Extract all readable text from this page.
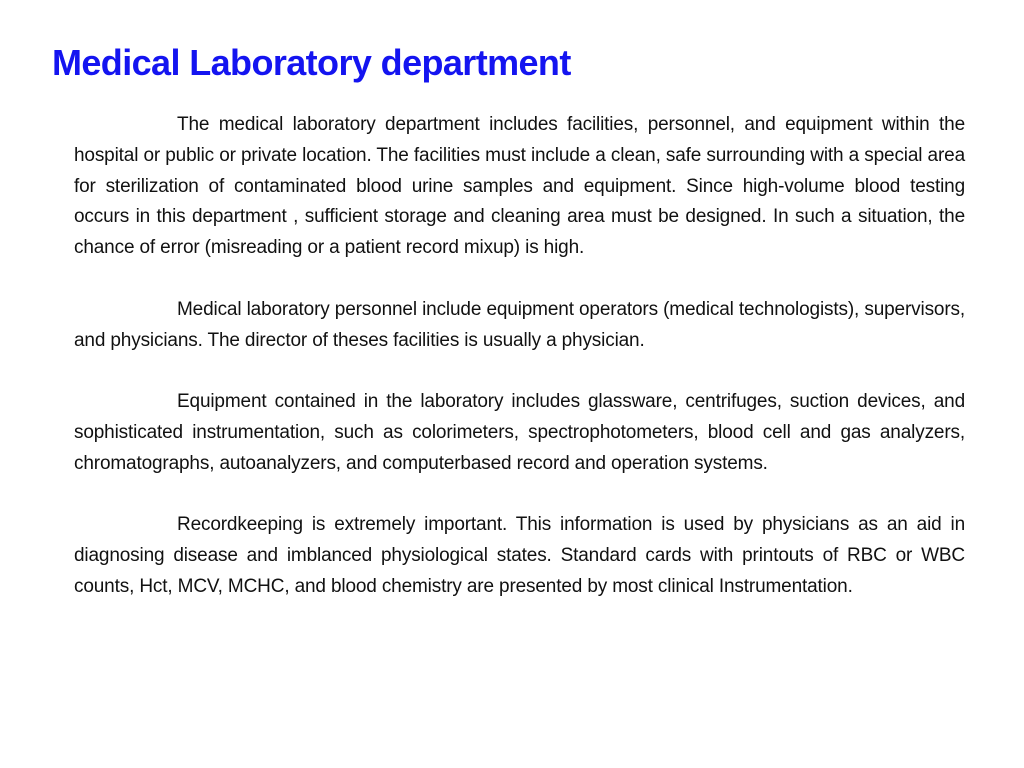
Medical Laboratory department

The medical laboratory department includes facilities, personnel, and equipment within the hospital or public or private location. The facilities must include a clean, safe surrounding with a special area for sterilization of contaminated blood urine samples and equipment. Since high-volume blood testing occurs in this department , sufficient storage and cleaning area must be designed. In such a situation, the chance of error (misreading or a patient record mixup) is high.

Medical laboratory personnel include equipment operators (medical technologists), supervisors, and physicians. The director of theses facilities is usually a physician.

Equipment contained in the laboratory includes glassware, centrifuges, suction devices, and sophisticated instrumentation, such as colorimeters, spectrophotometers, blood cell and gas analyzers, chromatographs, autoanalyzers, and computerbased record and operation systems.

Recordkeeping is extremely important. This information is used by physicians as an aid in diagnosing disease and imblanced physiological states. Standard cards with printouts of RBC or WBC counts, Hct, MCV, MCHC, and blood chemistry are presented by most clinical Instrumentation.
